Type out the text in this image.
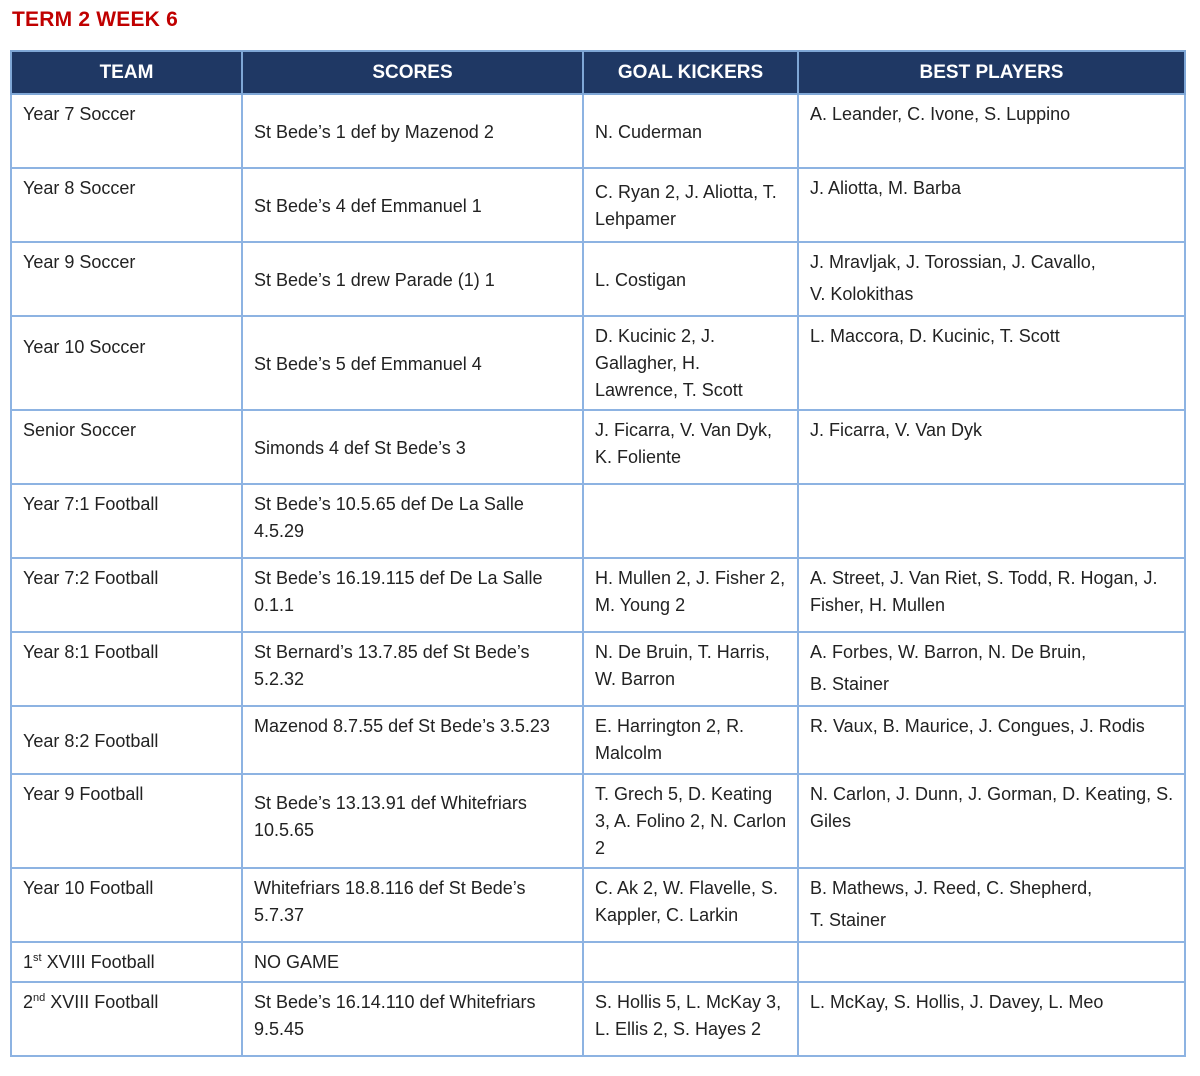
TERM 2 WEEK 6
TEAM	SCORES	GOAL KICKERS	BEST PLAYERS
Year 7 Soccer	St Bede’s 1 def by Mazenod 2	N. Cuderman	A. Leander, C. Ivone, S. Luppino
Year 8 Soccer	St Bede’s 4 def Emmanuel 1	C. Ryan 2, J. Aliotta, T. Lehpamer	J. Aliotta, M. Barba
Year 9 Soccer	St Bede’s 1 drew Parade (1) 1	L. Costigan	J. Mravljak, J. Torossian, J. Cavallo,
V. Kolokithas

Year 10 Soccer	St Bede’s 5 def Emmanuel 4	D. Kucinic 2, J. Gallagher, H. Lawrence, T. Scott	L. Maccora, D. Kucinic, T. Scott
Senior Soccer	Simonds 4 def St Bede’s 3	J. Ficarra, V. Van Dyk, K. Foliente	J. Ficarra, V. Van Dyk
Year 7:1 Football	St Bede’s 10.5.65 def De La Salle 4.5.29		
Year 7:2 Football	St Bede’s 16.19.115 def De La Salle 0.1.1	H. Mullen 2, J. Fisher 2, M. Young 2	A. Street, J. Van Riet, S. Todd, R. Hogan, J. Fisher, H. Mullen
Year 8:1 Football	St Bernard’s 13.7.85 def St Bede’s 5.2.32	N. De Bruin, T. Harris, W. Barron	A. Forbes, W. Barron, N. De Bruin,
B. Stainer

Year 8:2 Football	Mazenod 8.7.55 def St Bede’s 3.5.23	E. Harrington 2, R. Malcolm	R. Vaux, B. Maurice, J. Congues, J. Rodis
Year 9 Football	St Bede’s 13.13.91 def Whitefriars 10.5.65	T. Grech 5, D. Keating 3, A. Folino 2, N. Carlon 2	N. Carlon, J. Dunn, J. Gorman, D. Keating, S. Giles
Year 10 Football	Whitefriars 18.8.116 def St Bede’s 5.7.37	C. Ak 2, W. Flavelle, S. Kappler, C. Larkin	B. Mathews, J. Reed, C. Shepherd,
T. Stainer

1st XVIII Football	NO GAME		
2nd XVIII Football	St Bede’s 16.14.110 def Whitefriars 9.5.45	S. Hollis 5, L. McKay 3, L. Ellis 2, S. Hayes 2	L. McKay, S. Hollis, J. Davey, L. Meo
